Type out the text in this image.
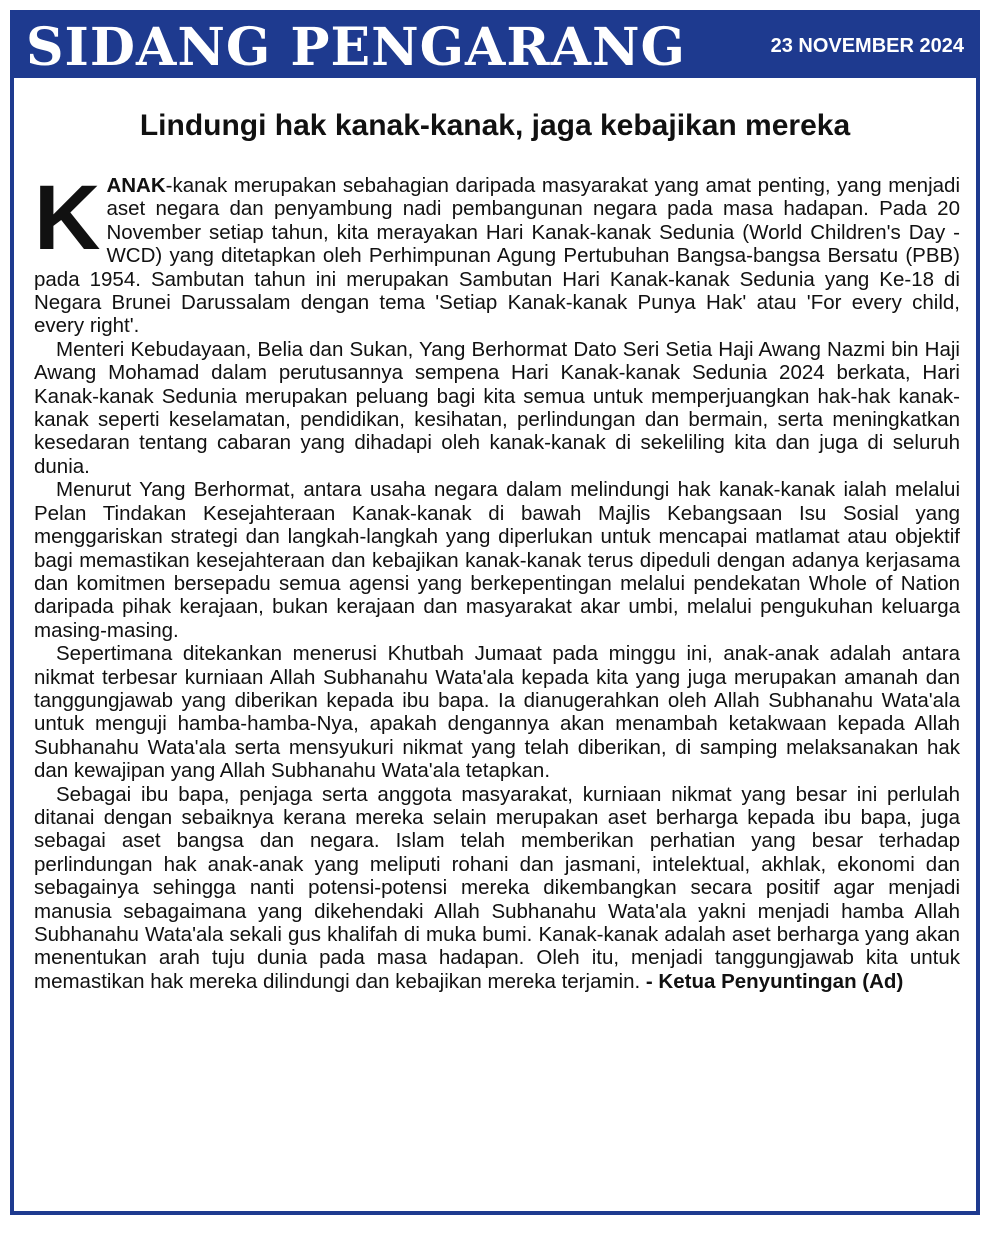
SIDANG PENGARANG	23 NOVEMBER 2024
Lindungi hak kanak-kanak, jaga kebajikan mereka

KANAK-kanak merupakan sebahagian daripada masyarakat yang amat penting, yang menjadi aset negara dan penyambung nadi pembangunan negara pada masa hadapan. Pada 20 November setiap tahun, kita merayakan Hari Kanak-kanak Sedunia (World Children's Day - WCD) yang ditetapkan oleh Perhimpunan Agung Pertubuhan Bangsa-bangsa Bersatu (PBB) pada 1954. Sambutan tahun ini merupakan Sambutan Hari Kanak-kanak Sedunia yang Ke-18 di Negara Brunei Darussalam dengan tema 'Setiap Kanak-kanak Punya Hak' atau 'For every child, every right'.

Menteri Kebudayaan, Belia dan Sukan, Yang Berhormat Dato Seri Setia Haji Awang Nazmi bin Haji Awang Mohamad dalam perutusannya sempena Hari Kanak-kanak Sedunia 2024 berkata, Hari Kanak-kanak Sedunia merupakan peluang bagi kita semua untuk memperjuangkan hak-hak kanak-kanak seperti keselamatan, pendidikan, kesihatan, perlindungan dan bermain, serta meningkatkan kesedaran tentang cabaran yang dihadapi oleh kanak-kanak di sekeliling kita dan juga di seluruh dunia.

Menurut Yang Berhormat, antara usaha negara dalam melindungi hak kanak-kanak ialah melalui Pelan Tindakan Kesejahteraan Kanak-kanak di bawah Majlis Kebangsaan Isu Sosial yang menggariskan strategi dan langkah-langkah yang diperlukan untuk mencapai matlamat atau objektif bagi memastikan kesejahteraan dan kebajikan kanak-kanak terus dipeduli dengan adanya kerjasama dan komitmen bersepadu semua agensi yang berkepentingan melalui pendekatan Whole of Nation daripada pihak kerajaan, bukan kerajaan dan masyarakat akar umbi, melalui pengukuhan keluarga masing-masing.

Sepertimana ditekankan menerusi Khutbah Jumaat pada minggu ini, anak-anak adalah antara nikmat terbesar kurniaan Allah Subhanahu Wata'ala kepada kita yang juga merupakan amanah dan tanggungjawab yang diberikan kepada ibu bapa. Ia dianugerahkan oleh Allah Subhanahu Wata'ala untuk menguji hamba-hamba-Nya, apakah dengannya akan menambah ketakwaan kepada Allah Subhanahu Wata'ala serta mensyukuri nikmat yang telah diberikan, di samping melaksanakan hak dan kewajipan yang Allah Subhanahu Wata'ala tetapkan.

Sebagai ibu bapa, penjaga serta anggota masyarakat, kurniaan nikmat yang besar ini perlulah ditanai dengan sebaiknya kerana mereka selain merupakan aset berharga kepada ibu bapa, juga sebagai aset bangsa dan negara. Islam telah memberikan perhatian yang besar terhadap perlindungan hak anak-anak yang meliputi rohani dan jasmani, intelektual, akhlak, ekonomi dan sebagainya sehingga nanti potensi-potensi mereka dikembangkan secara positif agar menjadi manusia sebagaimana yang dikehendaki Allah Subhanahu Wata'ala yakni menjadi hamba Allah Subhanahu Wata'ala sekali gus khalifah di muka bumi. Kanak-kanak adalah aset berharga yang akan menentukan arah tuju dunia pada masa hadapan. Oleh itu, menjadi tanggungjawab kita untuk memastikan hak mereka dilindungi dan kebajikan mereka terjamin. - Ketua Penyuntingan (Ad)
